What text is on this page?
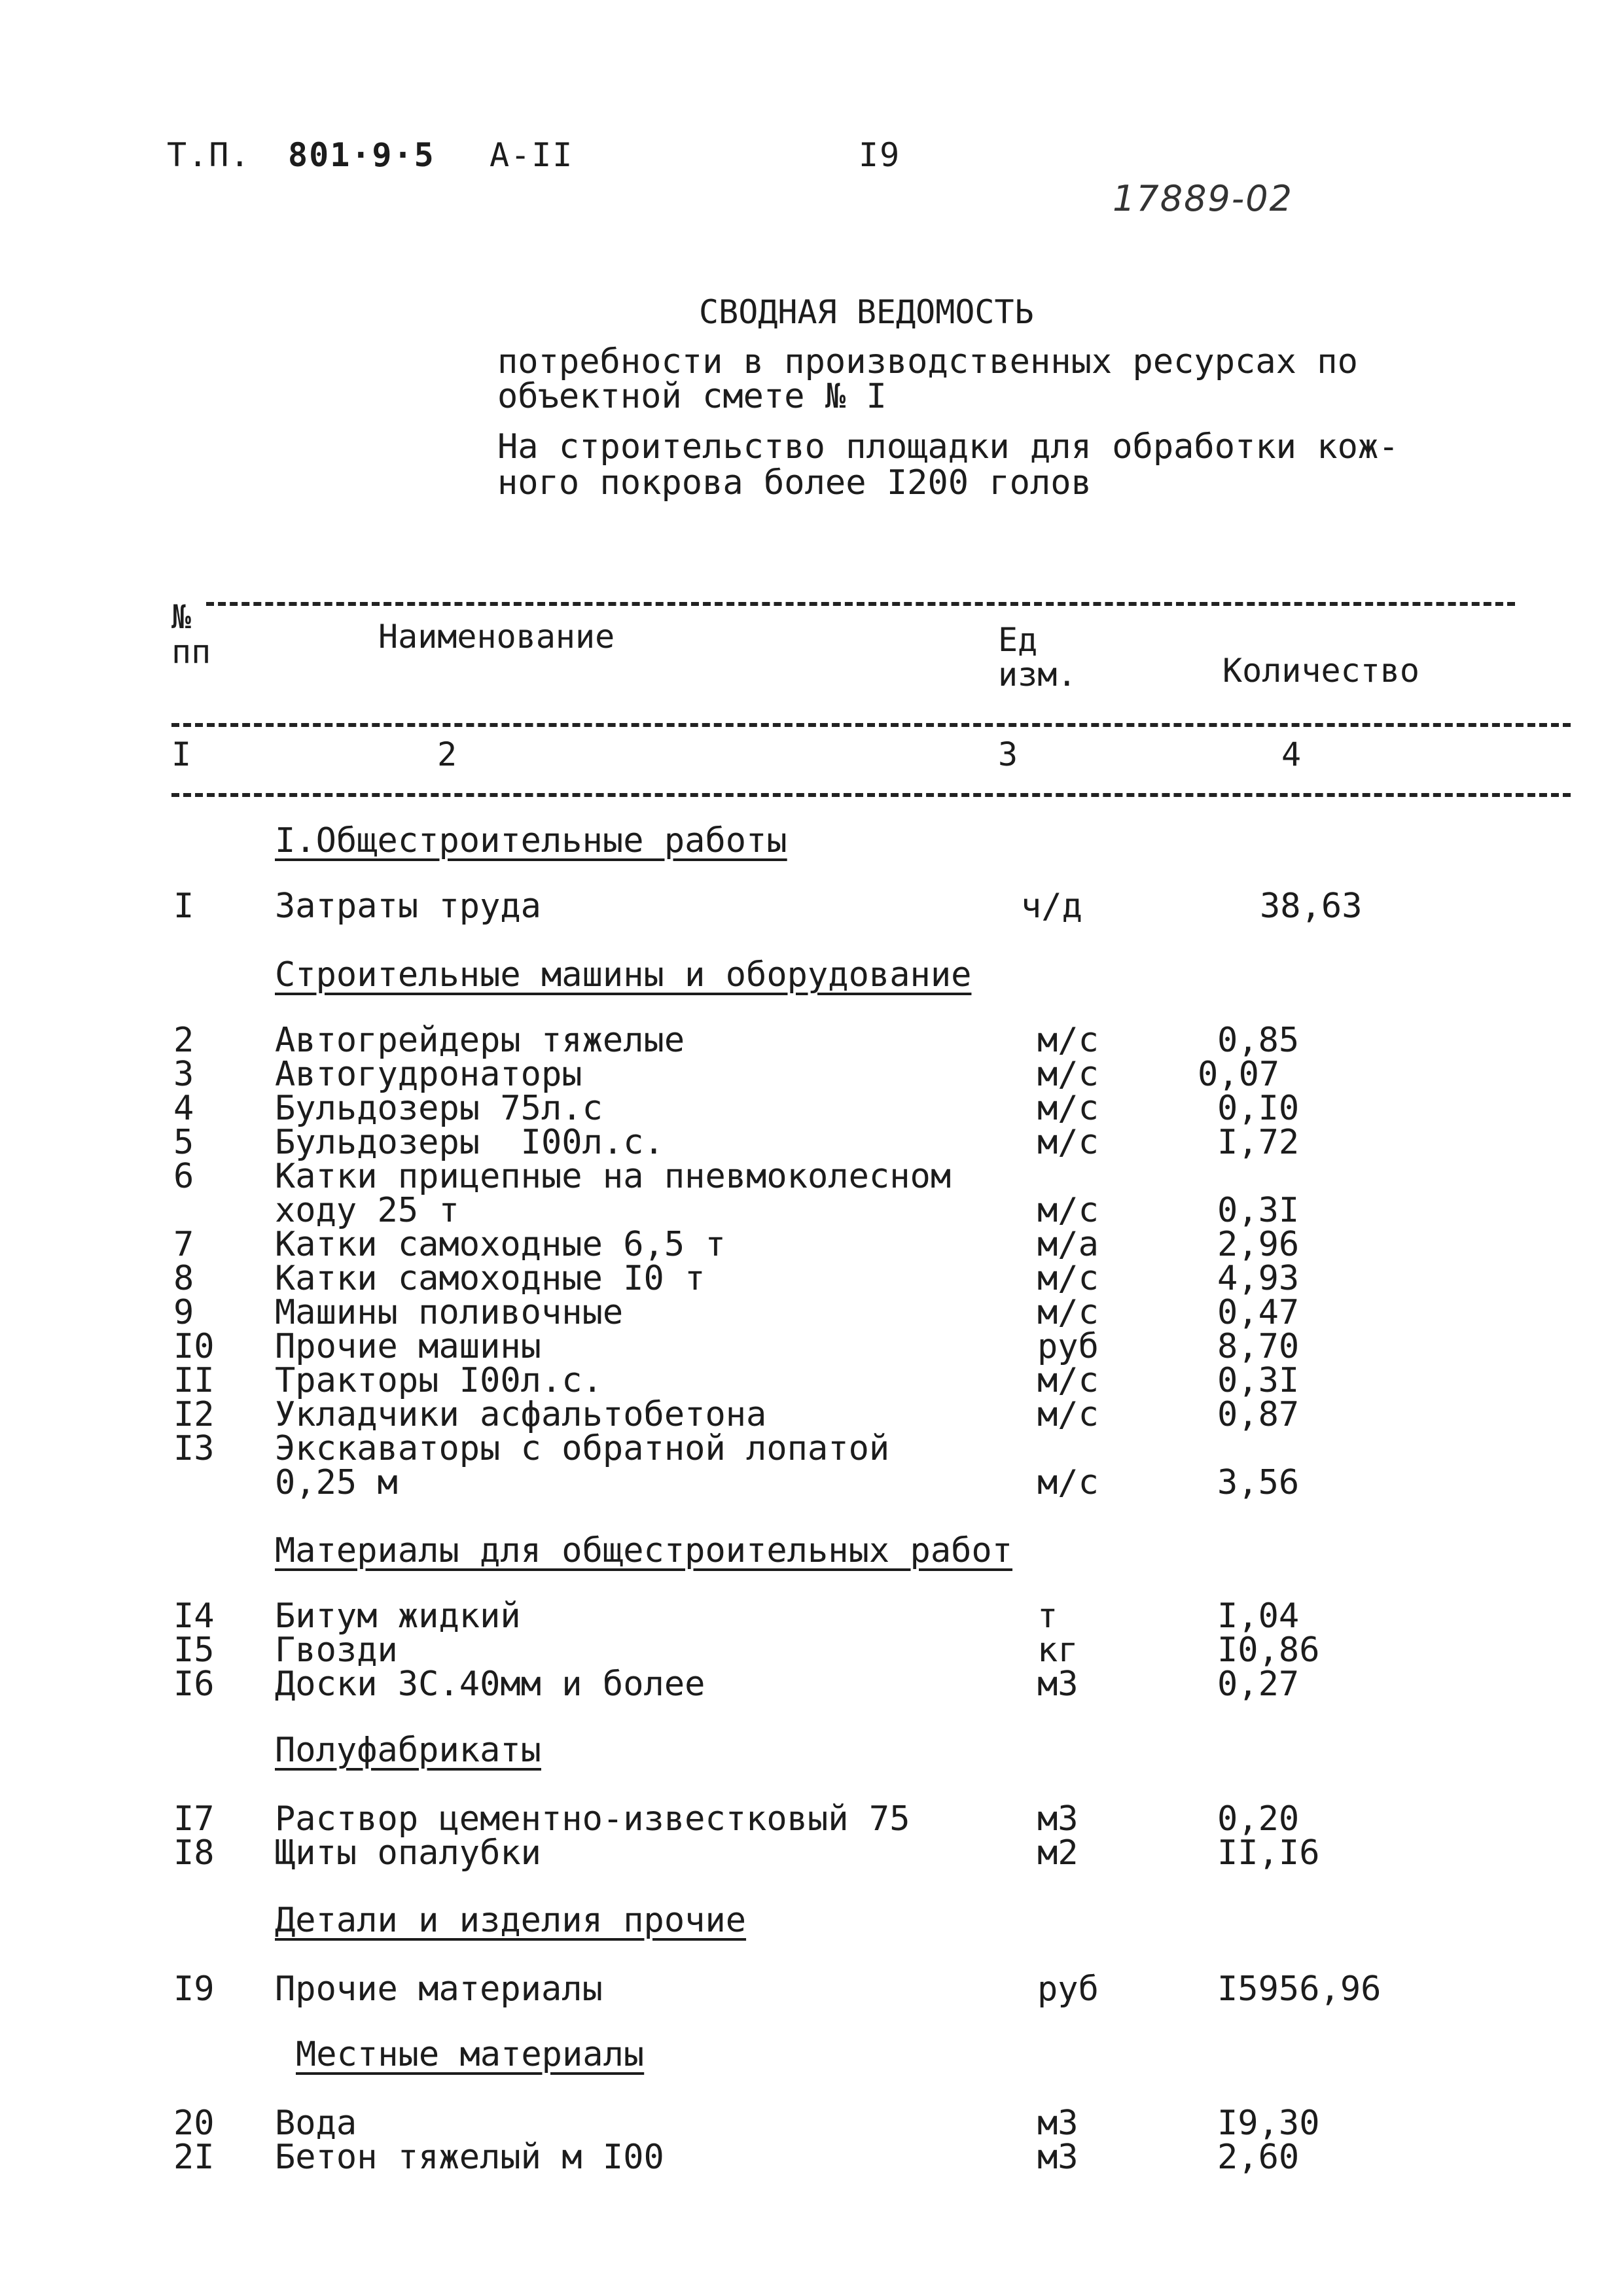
Т.П. 801·9·5 А-II	I9
17889-02
СВОДНАЯ ВЕДОМОСТЬ
потребности в производственных ресурсах по
объектной смете № I
На строительство площадки для обработки кож-
ного покрова более I200 голов
№
пп	Наименование	Ед
изм.	Количество
I	2	3	4
I.Общестроительные работы
I Затраты труда	ч/д	38,63
Строительные машины и оборудование
2 Автогрейдеры тяжелые	м/с	0,85
3 Автогудронаторы	м/с	0,07
4 Бульдозеры 75л.с	м/с	0,I0
5 Бульдозеры  I00л.с.	м/с	I,72
6 Катки прицепные на пневмоколесном
ходу 25 т	м/с	0,3I
7 Катки самоходные 6,5 т	м/а	2,96
8 Катки самоходные I0 т	м/с	4,93
9 Машины поливочные	м/с	0,47
I0 Прочие машины	руб	8,70
II Тракторы I00л.с.	м/с	0,3I
I2 Укладчики асфальтобетона	м/с	0,87
I3 Экскаваторы с обратной лопатой
0,25 м	м/с	3,56
Материалы для общестроительных работ
I4 Битум жидкий	т	I,04
I5 Гвозди	кг	I0,86
I6 Доски ЗС.40мм и более	м3	0,27
Полуфабрикаты
I7 Раствор цементно-известковый 75	м3	0,20
I8 Щиты опалубки	м2	II,I6
Детали и изделия прочие
I9 Прочие материалы	руб	I5956,96
Местные материалы
20 Вода	м3	I9,30
2I Бетон тяжелый м I00	м3	2,60
